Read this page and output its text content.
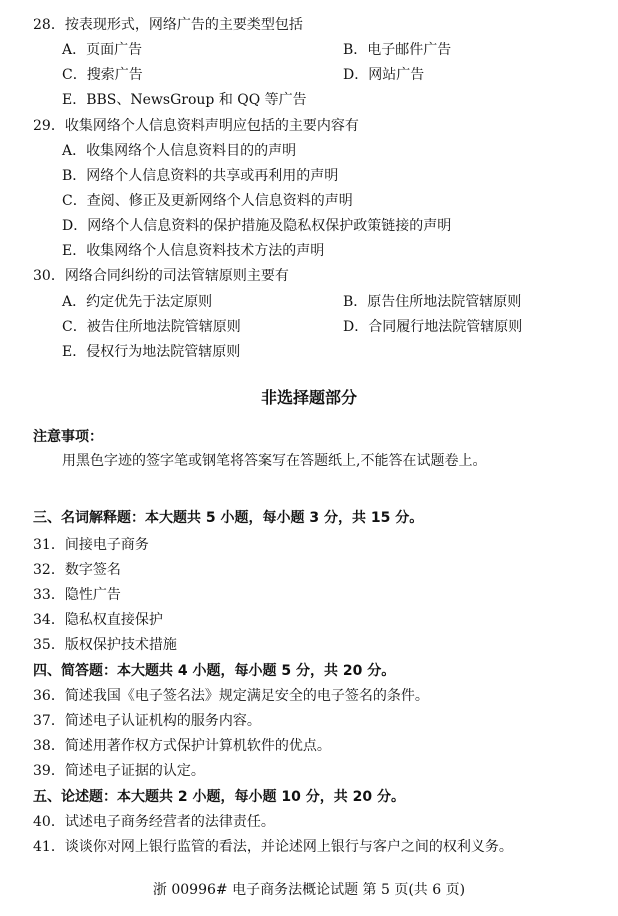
28．按表现形式，网络广告的主要类型包括
A．页面广告	B．电子邮件广告
C．搜索广告	D．网站广告
E．BBS、NewsGroup 和 QQ 等广告
29．收集网络个人信息资料声明应包括的主要内容有
A．收集网络个人信息资料目的的声明
B．网络个人信息资料的共享或再利用的声明
C．查阅、修正及更新网络个人信息资料的声明
D．网络个人信息资料的保护措施及隐私权保护政策链接的声明
E．收集网络个人信息资料技术方法的声明
30．网络合同纠纷的司法管辖原则主要有
A．约定优先于法定原则	B．原告住所地法院管辖原则
C．被告住所地法院管辖原则	D．合同履行地法院管辖原则
E．侵权行为地法院管辖原则
非选择题部分
注意事项：
用黑色字迹的签字笔或钢笔将答案写在答题纸上,不能答在试题卷上。
三、名词解释题：本大题共 5 小题，每小题 3 分，共 15 分。
31．间接电子商务
32．数字签名
33．隐性广告
34．隐私权直接保护
35．版权保护技术措施
四、简答题：本大题共 4 小题，每小题 5 分，共 20 分。
36．简述我国《电子签名法》规定满足安全的电子签名的条件。
37．简述电子认证机构的服务内容。
38．简述用著作权方式保护计算机软件的优点。
39．简述电子证据的认定。
五、论述题：本大题共 2 小题，每小题 10 分，共 20 分。
40．试述电子商务经营者的法律责任。
41．谈谈你对网上银行监管的看法，并论述网上银行与客户之间的权利义务。
浙 00996# 电子商务法概论试题 第 5 页(共 6 页)
